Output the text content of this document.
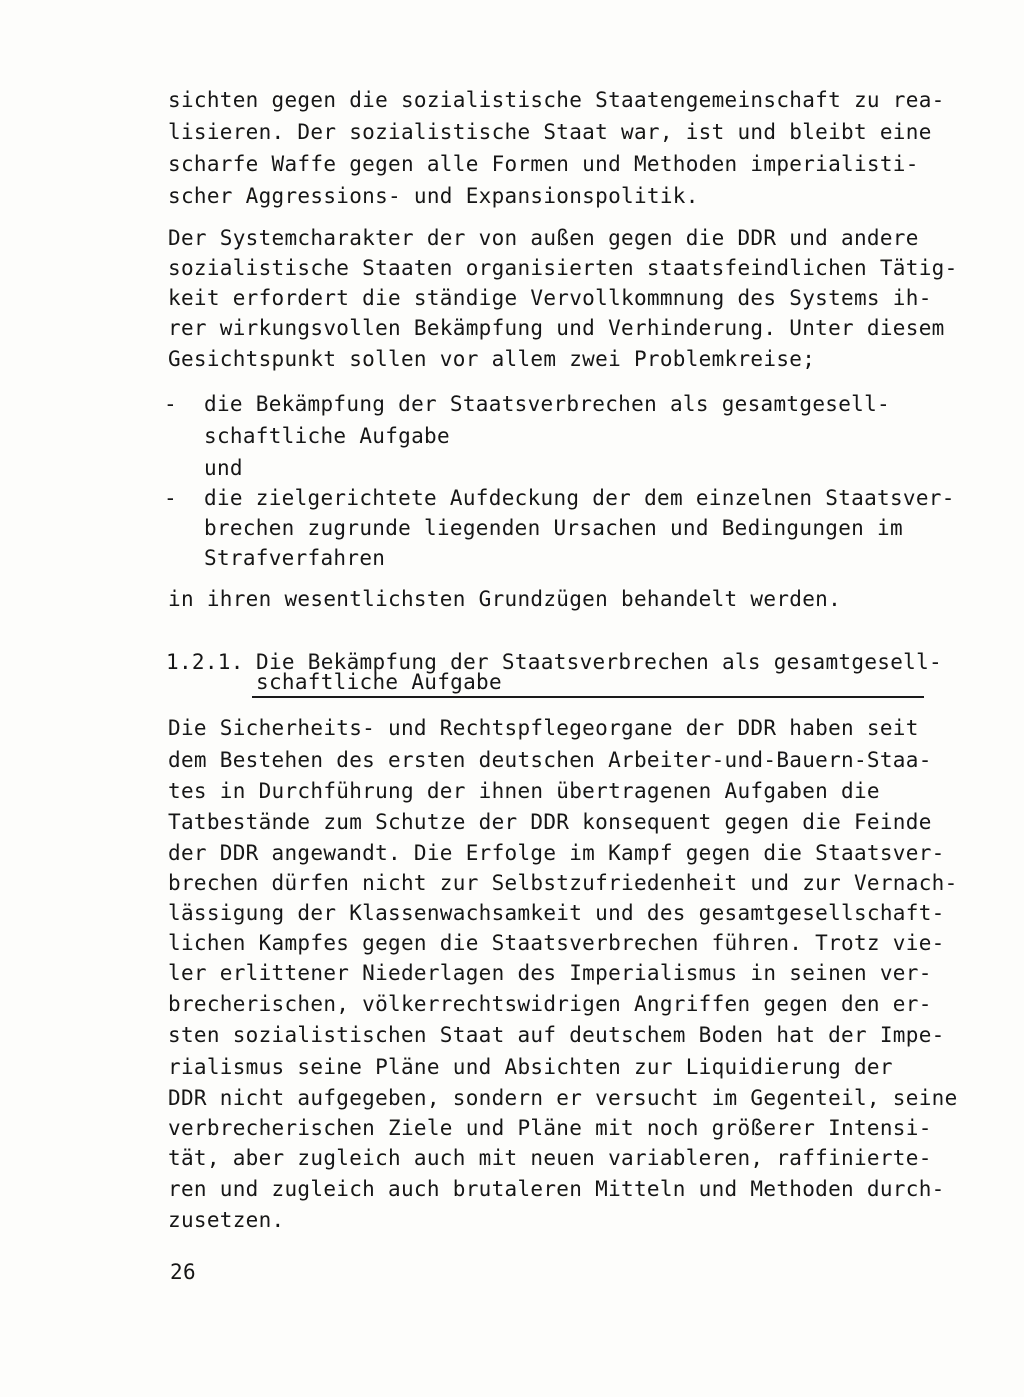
sichten gegen die sozialistische Staatengemeinschaft zu rea-
lisieren. Der sozialistische Staat war, ist und bleibt eine
scharfe Waffe gegen alle Formen und Methoden imperialisti-
scher Aggressions- und Expansionspolitik.
Der Systemcharakter der von außen gegen die DDR und andere
sozialistische Staaten organisierten staatsfeindlichen Tätig-
keit erfordert die ständige Vervollkommnung des Systems ih-
rer wirkungsvollen Bekämpfung und Verhinderung. Unter diesem
Gesichtspunkt sollen vor allem zwei Problemkreise;
- die Bekämpfung der Staatsverbrechen als gesamtgesell-
schaftliche Aufgabe
und
- die zielgerichtete Aufdeckung der dem einzelnen Staatsver-
brechen zugrunde liegenden Ursachen und Bedingungen im
Strafverfahren
in ihren wesentlichsten Grundzügen behandelt werden.
1.2.1. Die Bekämpfung der Staatsverbrechen als gesamtgesell-
schaftliche Aufgabe
Die Sicherheits- und Rechtspflegeorgane der DDR haben seit
dem Bestehen des ersten deutschen Arbeiter-und-Bauern-Staa-
tes in Durchführung der ihnen übertragenen Aufgaben die
Tatbestände zum Schutze der DDR konsequent gegen die Feinde
der DDR angewandt. Die Erfolge im Kampf gegen die Staatsver-
brechen dürfen nicht zur Selbstzufriedenheit und zur Vernach-
lässigung der Klassenwachsamkeit und des gesamtgesellschaft-
lichen Kampfes gegen die Staatsverbrechen führen. Trotz vie-
ler erlittener Niederlagen des Imperialismus in seinen ver-
brecherischen, völkerrechtswidrigen Angriffen gegen den er-
sten sozialistischen Staat auf deutschem Boden hat der Impe-
rialismus seine Pläne und Absichten zur Liquidierung der
DDR nicht aufgegeben, sondern er versucht im Gegenteil, seine
verbrecherischen Ziele und Pläne mit noch größerer Intensi-
tät, aber zugleich auch mit neuen variableren, raffinierte-
ren und zugleich auch brutaleren Mitteln und Methoden durch-
zusetzen.
26
